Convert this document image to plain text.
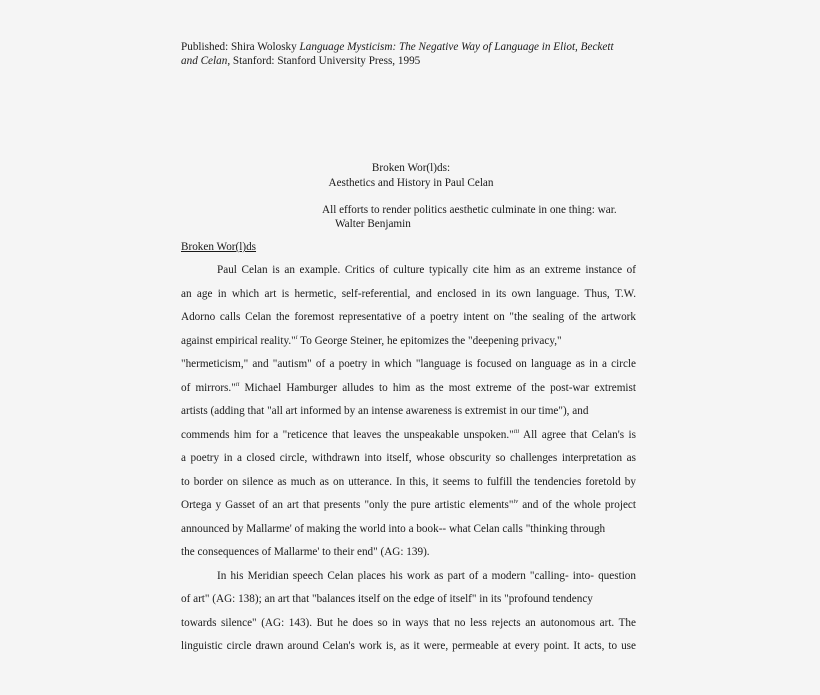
Published: Shira Wolosky Language Mysticism: The Negative Way of Language in Eliot, Beckett
and Celan, Stanford: Stanford University Press, 1995
Broken Wor(l)ds:
Aesthetics and History in Paul Celan
All efforts to render politics aesthetic culminate in one thing: war.
Walter Benjamin
Broken Wor(l)ds
Paul Celan is an example. Critics of culture typically cite him as an extreme instance of
an age in which art is hermetic, self-referential, and enclosed in its own language. Thus, T.W.
Adorno calls Celan the foremost representative of a poetry intent on "the sealing of the artwork
against empirical reality."$^i$ To George Steiner, he epitomizes the "deepening privacy,"
"hermeticism," and "autism" of a poetry in which "language is focused on language as in a circle
of mirrors."$^{ii}$ Michael Hamburger alludes to him as the most extreme of the post-war extremist
artists (adding that "all art informed by an intense awareness is extremist in our time"), and
commends him for a "reticence that leaves the unspeakable unspoken."$^{iii}$ All agree that Celan's is
a poetry in a closed circle, withdrawn into itself, whose obscurity so challenges interpretation as
to border on silence as much as on utterance. In this, it seems to fulfill the tendencies foretold by
Ortega y Gasset of an art that presents "only the pure artistic elements"$^{iv}$ and of the whole project
announced by Mallarme' of making the world into a book-- what Celan calls "thinking through
the consequences of Mallarme' to their end" (AG: 139).
In his Meridian speech Celan places his work as part of a modern "calling- into- question
of art" (AG: 138); an art that "balances itself on the edge of itself" in its "profound tendency
towards silence" (AG: 143). But he does so in ways that no less rejects an autonomous art. The
linguistic circle drawn around Celan's work is, as it were, permeable at every point. It acts, to use
